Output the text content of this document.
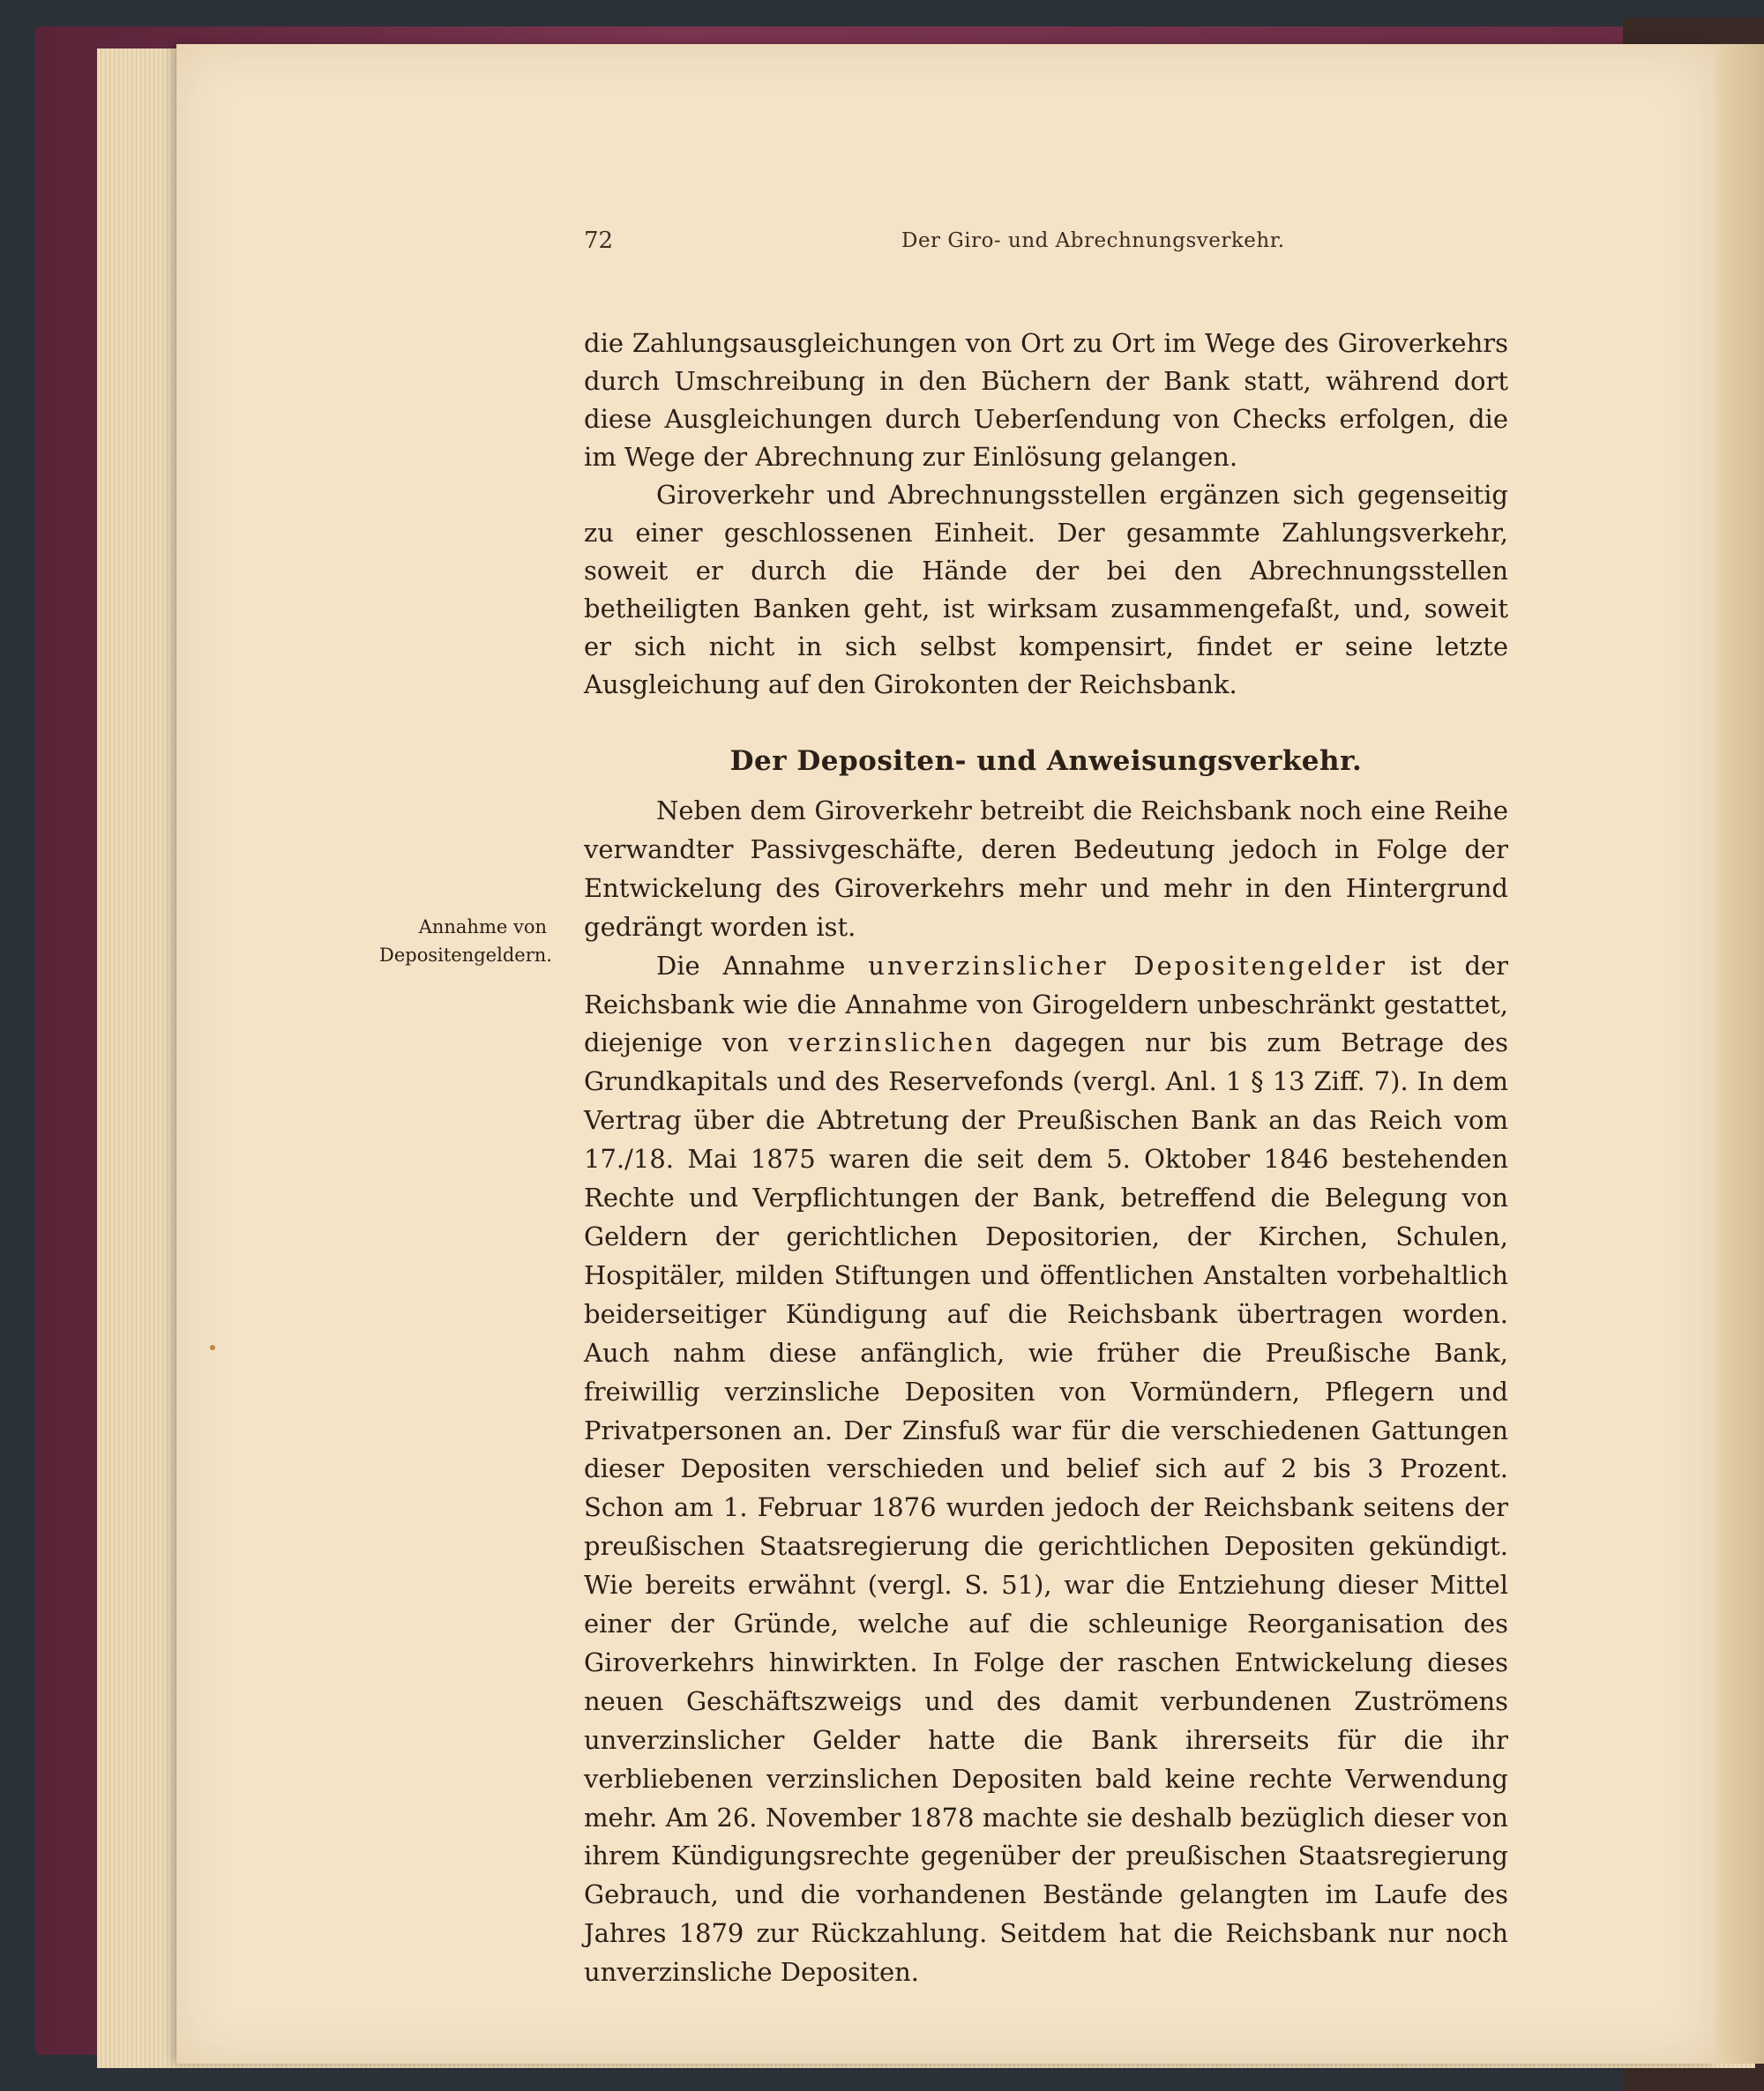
72	Der Giro- und Abrechnungsverkehr.

die Zahlungsausgleichungen von Ort zu Ort im Wege des Giroverkehrs durch Umschreibung in den Büchern der Bank statt, während dort diese Ausgleichungen durch Ueberſendung von Checks erfolgen, die im Wege der Abrechnung zur Einlösung gelangen.

Giroverkehr und Abrechnungsstellen ergänzen sich gegenseitig zu einer geschlossenen Einheit. Der gesammte Zahlungsverkehr, soweit er durch die Hände der bei den Abrechnungsstellen betheiligten Banken geht, ist wirksam zusammengefaßt, und, soweit er sich nicht in sich selbst kompensirt, findet er seine letzte Ausgleichung auf den Girokonten der Reichsbank.

Der Depositen- und Anweisungsverkehr.

Neben dem Giroverkehr betreibt die Reichsbank noch eine Reihe verwandter Passivgeschäfte, deren Bedeutung jedoch in Folge der Entwickelung des Giroverkehrs mehr und mehr in den Hintergrund gedrängt worden ist.

Die Annahme unverzinslicher Depositengelder ist der Reichsbank wie die Annahme von Girogeldern unbeschränkt gestattet, diejenige von verzinslichen dagegen nur bis zum Betrage des Grundkapitals und des Reservefonds (vergl. Anl. 1 § 13 Ziff. 7). In dem Vertrag über die Abtretung der Preußischen Bank an das Reich vom 17./18. Mai 1875 waren die seit dem 5. Oktober 1846 bestehenden Rechte und Verpflichtungen der Bank, betreffend die Belegung von Geldern der gerichtlichen Depositorien, der Kirchen, Schulen, Hospitäler, milden Stiftungen und öffentlichen Anstalten vorbehaltlich beiderseitiger Kündigung auf die Reichsbank übertragen worden. Auch nahm diese anfänglich, wie früher die Preußische Bank, freiwillig verzinsliche Depositen von Vormündern, Pflegern und Privatpersonen an. Der Zinsfuß war für die verschiedenen Gattungen dieser Depositen verschieden und belief sich auf 2 bis 3 Prozent. Schon am 1. Februar 1876 wurden jedoch der Reichsbank seitens der preußischen Staatsregierung die gerichtlichen Depositen gekündigt. Wie bereits erwähnt (vergl. S. 51), war die Entziehung dieser Mittel einer der Gründe, welche auf die schleunige Reorganisation des Giroverkehrs hinwirkten. In Folge der raschen Entwickelung dieses neuen Geschäftszweigs und des damit verbundenen Zuströmens unverzinslicher Gelder hatte die Bank ihrerseits für die ihr verbliebenen verzinslichen Depositen bald keine rechte Verwendung mehr. Am 26. November 1878 machte sie deshalb bezüglich dieser von ihrem Kündigungsrechte gegenüber der preußischen Staatsregierung Gebrauch, und die vorhandenen Bestände gelangten im Laufe des Jahres 1879 zur Rückzahlung. Seitdem hat die Reichsbank nur noch unverzinsliche Depositen.

Annahme von Depositengeldern.
